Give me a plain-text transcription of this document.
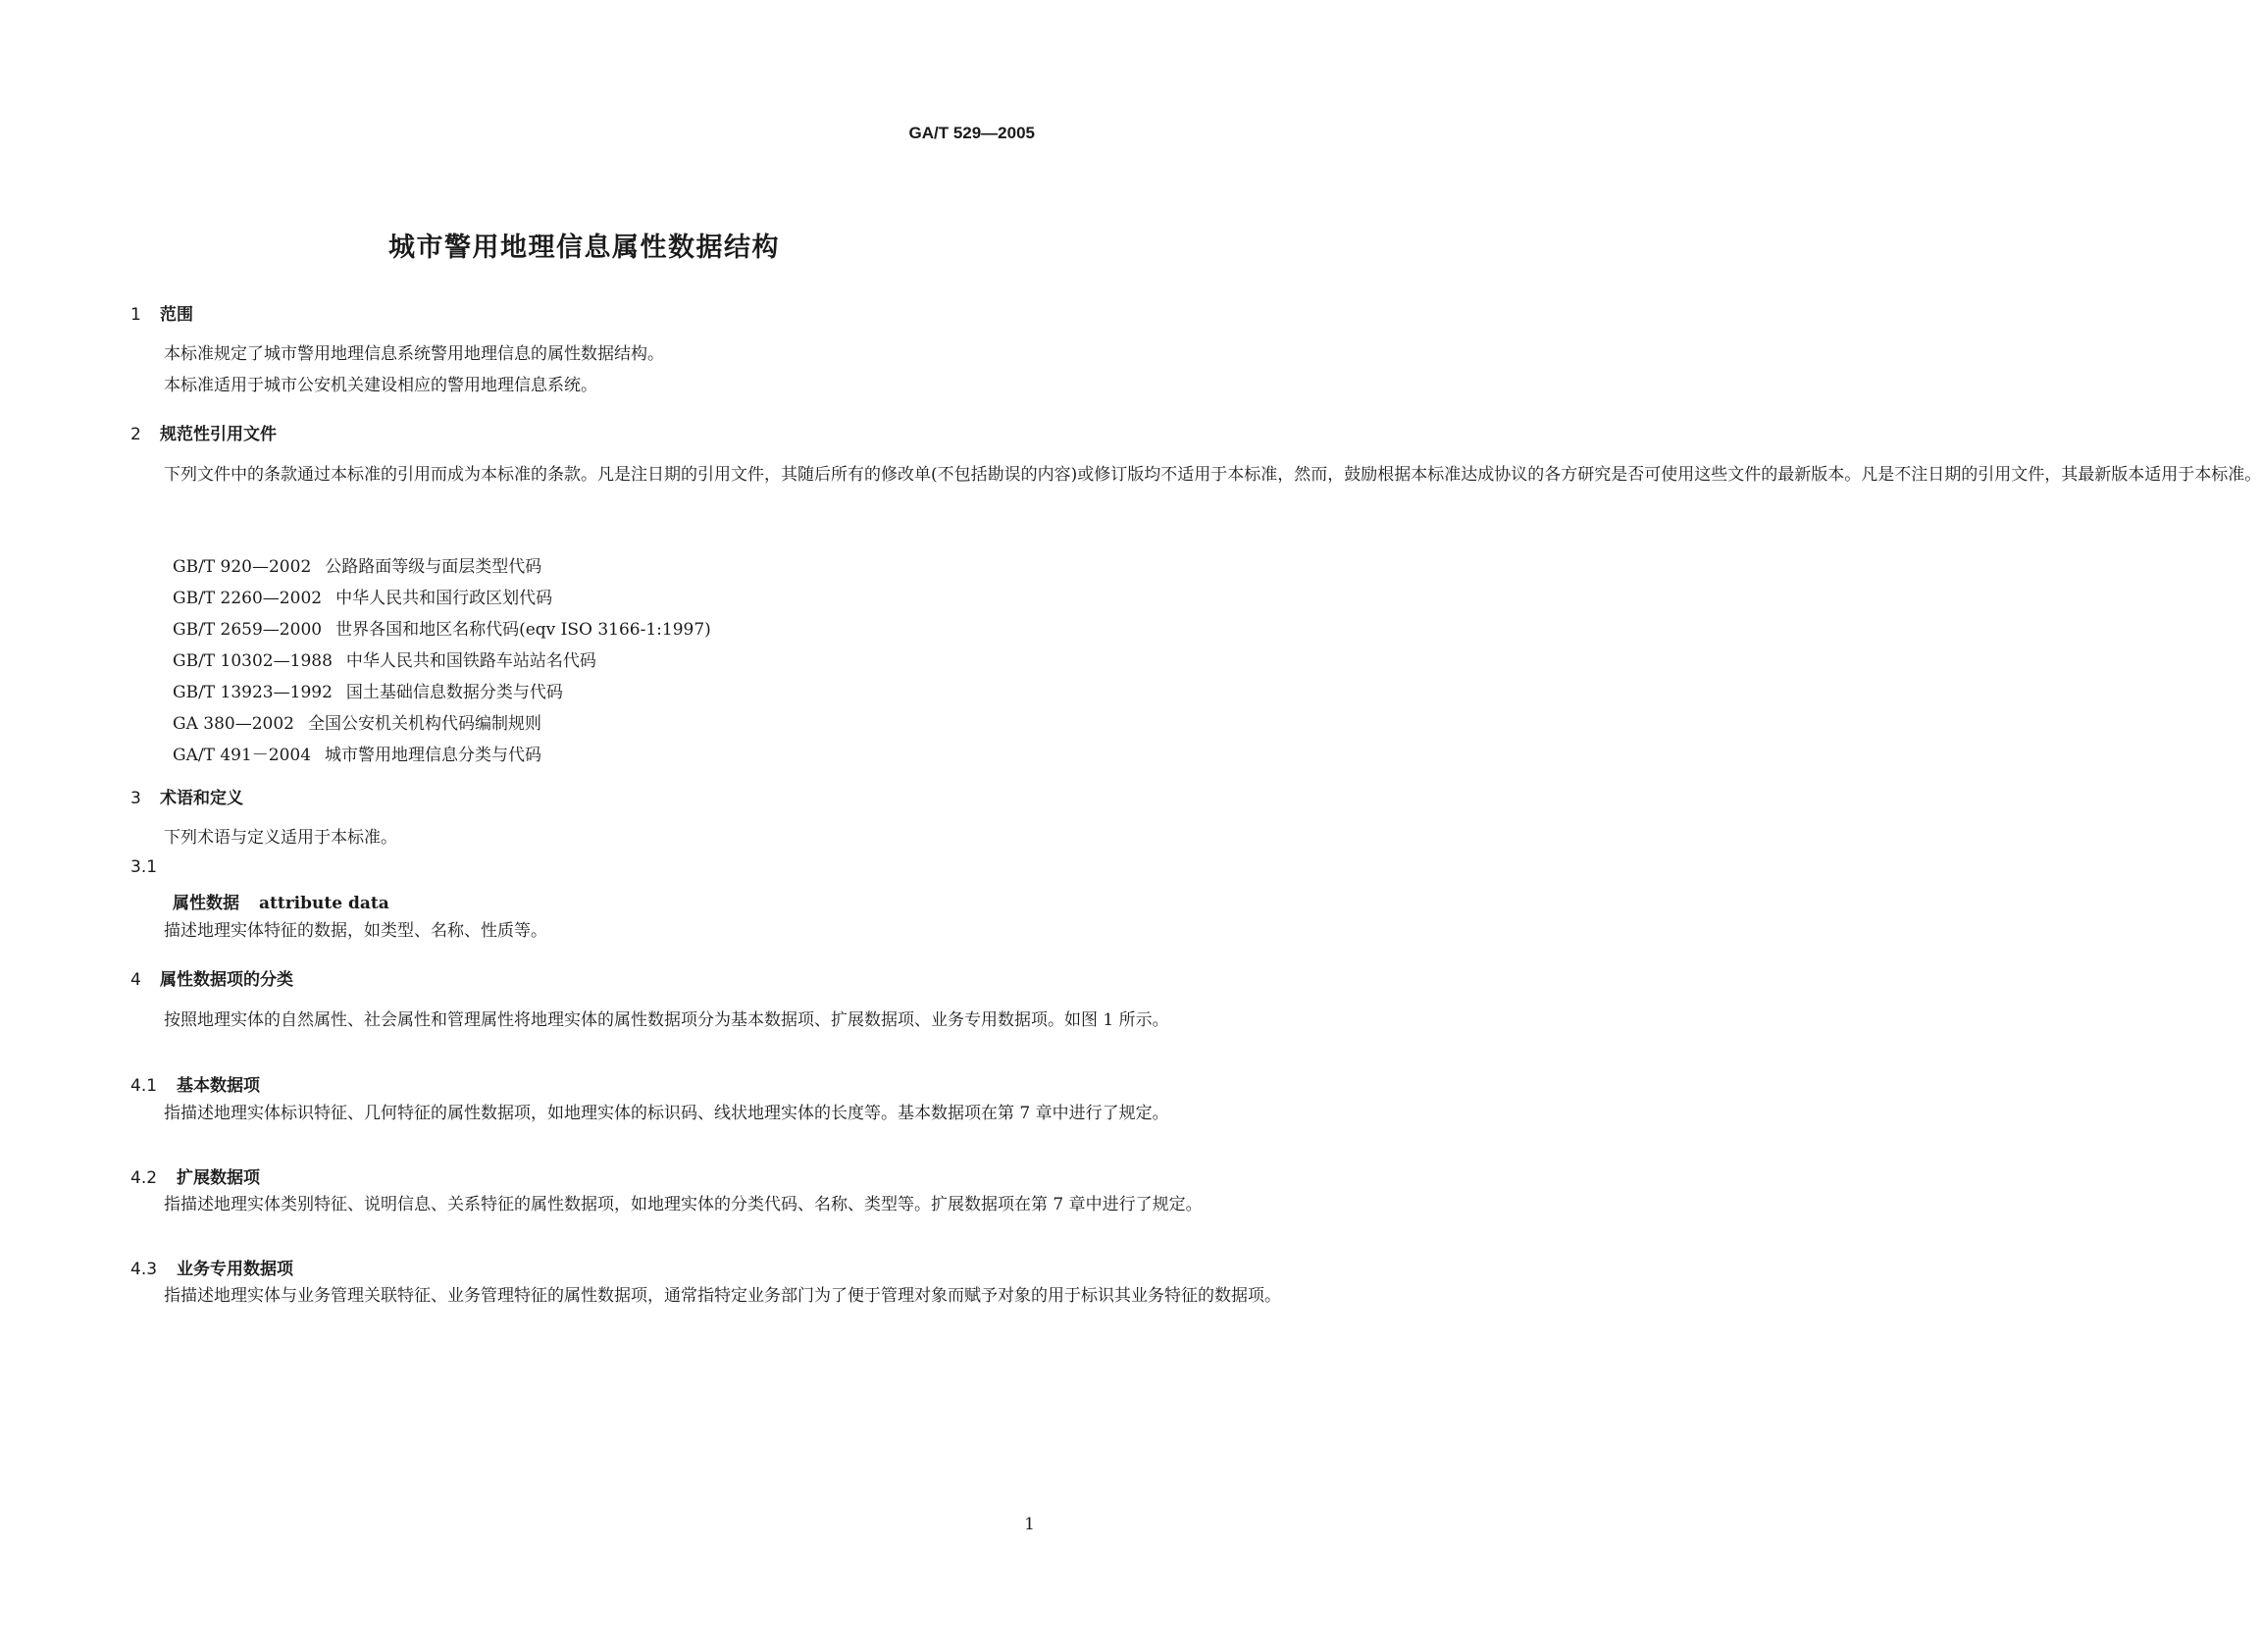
GA/T 529—2005
城市警用地理信息属性数据结构
1 范围

本标准规定了城市警用地理信息系统警用地理信息的属性数据结构。

本标准适用于城市公安机关建设相应的警用地理信息系统。

2 规范性引用文件

下列文件中的条款通过本标准的引用而成为本标准的条款。凡是注日期的引用文件，其随后所有的修改单(不包括勘误的内容)或修订版均不适用于本标准，然而，鼓励根据本标准达成协议的各方研究是否可使用这些文件的最新版本。凡是不注日期的引用文件，其最新版本适用于本标准。

GB/T 920—2002 公路路面等级与面层类型代码
GB/T 2260—2002 中华人民共和国行政区划代码
GB/T 2659—2000 世界各国和地区名称代码(eqv ISO 3166-1:1997)
GB/T 10302—1988 中华人民共和国铁路车站站名代码
GB/T 13923—1992 国土基础信息数据分类与代码
GA 380—2002 全国公安机关机构代码编制规则
GA/T 491－2004 城市警用地理信息分类与代码
3 术语和定义

下列术语与定义适用于本标准。

3.1
属性数据 attribute data

描述地理实体特征的数据，如类型、名称、性质等。

4 属性数据项的分类

按照地理实体的自然属性、社会属性和管理属性将地理实体的属性数据项分为基本数据项、扩展数据项、业务专用数据项。如图 1 所示。

4.1 基本数据项

指描述地理实体标识特征、几何特征的属性数据项，如地理实体的标识码、线状地理实体的长度等。基本数据项在第 7 章中进行了规定。

4.2 扩展数据项

指描述地理实体类别特征、说明信息、关系特征的属性数据项，如地理实体的分类代码、名称、类型等。扩展数据项在第 7 章中进行了规定。

4.3 业务专用数据项

指描述地理实体与业务管理关联特征、业务管理特征的属性数据项，通常指特定业务部门为了便于管理对象而赋予对象的用于标识其业务特征的数据项。

1
